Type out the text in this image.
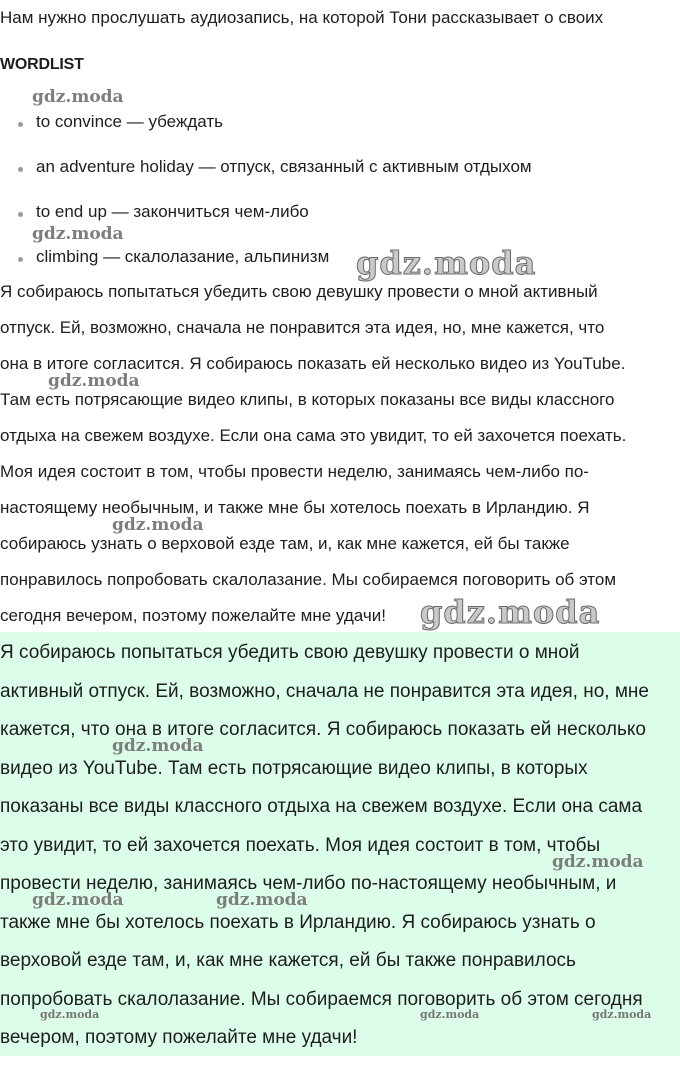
Нам нужно прослушать аудиозапись, на которой Тони рассказывает о своих
WORDLIST
to convince — убеждать
an adventure holiday — отпуск, связанный с активным отдыхом
to end up — закончиться чем-либо
climbing — скалолазание, альпинизм
Я собираюсь попытаться убедить свою девушку провести о мной активный
отпуск. Ей, возможно, сначала не понравится эта идея, но, мне кажется, что
она в итоге согласится. Я собираюсь показать ей несколько видео из YouTube.
Там есть потрясающие видео клипы, в которых показаны все виды классного
отдыха на свежем воздухе. Если она сама это увидит, то ей захочется поехать.
Моя идея состоит в том, чтобы провести неделю, занимаясь чем-либо по-
настоящему необычным, и также мне бы хотелось поехать в Ирландию. Я
собираюсь узнать о верховой езде там, и, как мне кажется, ей бы также
понравилось попробовать скалолазание. Мы собираемся поговорить об этом
сегодня вечером, поэтому пожелайте мне удачи!
Я собираюсь попытаться убедить свою девушку провести о мной
активный отпуск. Ей, возможно, сначала не понравится эта идея, но, мне
кажется, что она в итоге согласится. Я собираюсь показать ей несколько
видео из YouTube. Там есть потрясающие видео клипы, в которых
показаны все виды классного отдыха на свежем воздухе. Если она сама
это увидит, то ей захочется поехать. Моя идея состоит в том, чтобы
провести неделю, занимаясь чем-либо по-настоящему необычным, и
также мне бы хотелось поехать в Ирландию. Я собираюсь узнать о
верховой езде там, и, как мне кажется, ей бы также понравилось
попробовать скалолазание. Мы собираемся поговорить об этом сегодня
вечером, поэтому пожелайте мне удачи!
gdz.moda
gdz.moda
gdz.moda
gdz.moda
gdz.moda
gdz.moda
gdz.moda
gdz.moda
gdz.moda	gdz.moda
gdz.moda	gdz.moda	gdz.moda
